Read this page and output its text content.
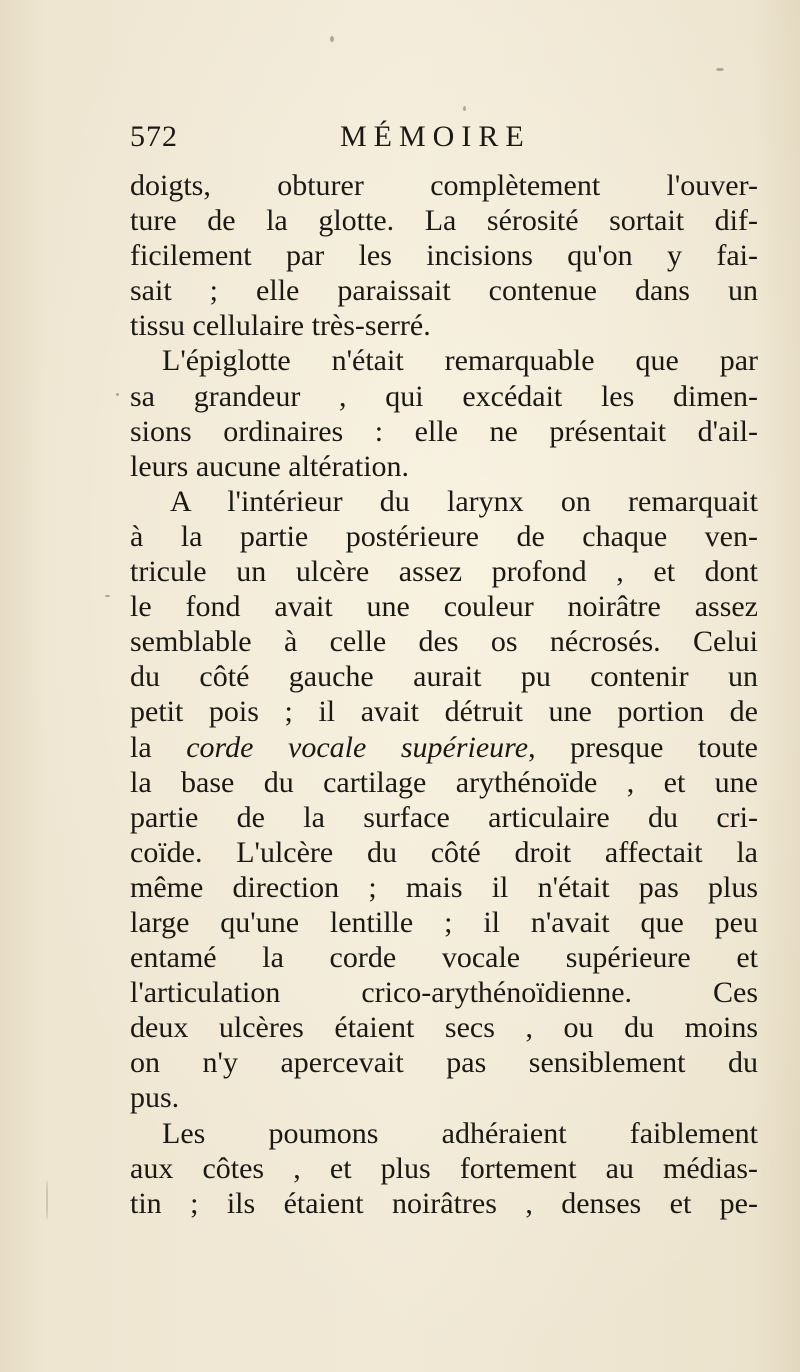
572	MÉMOIRE
doigts, obturer complètement l'ouver-
ture de la glotte. La sérosité sortait dif-
ficilement par les incisions qu'on y fai-
sait ; elle paraissait contenue dans un
tissu cellulaire très-serré.
L'épiglotte n'était remarquable que par
sa grandeur , qui excédait les dimen-
sions ordinaires : elle ne présentait d'ail-
leurs aucune altération.
A l'intérieur du larynx on remarquait
à la partie postérieure de chaque ven-
tricule un ulcère assez profond , et dont
le fond avait une couleur noirâtre assez
semblable à celle des os nécrosés. Celui
du côté gauche aurait pu contenir un
petit pois ; il avait détruit une portion de
la corde vocale supérieure, presque toute
la base du cartilage arythénoïde , et une
partie de la surface articulaire du cri-
coïde. L'ulcère du côté droit affectait la
même direction ; mais il n'était pas plus
large qu'une lentille ; il n'avait que peu
entamé la corde vocale supérieure et
l'articulation crico-arythénoïdienne. Ces
deux ulcères étaient secs , ou du moins
on n'y apercevait pas sensiblement du
pus.
Les poumons adhéraient faiblement
aux côtes , et plus fortement au médias-
tin ; ils étaient noirâtres , denses et pe-
